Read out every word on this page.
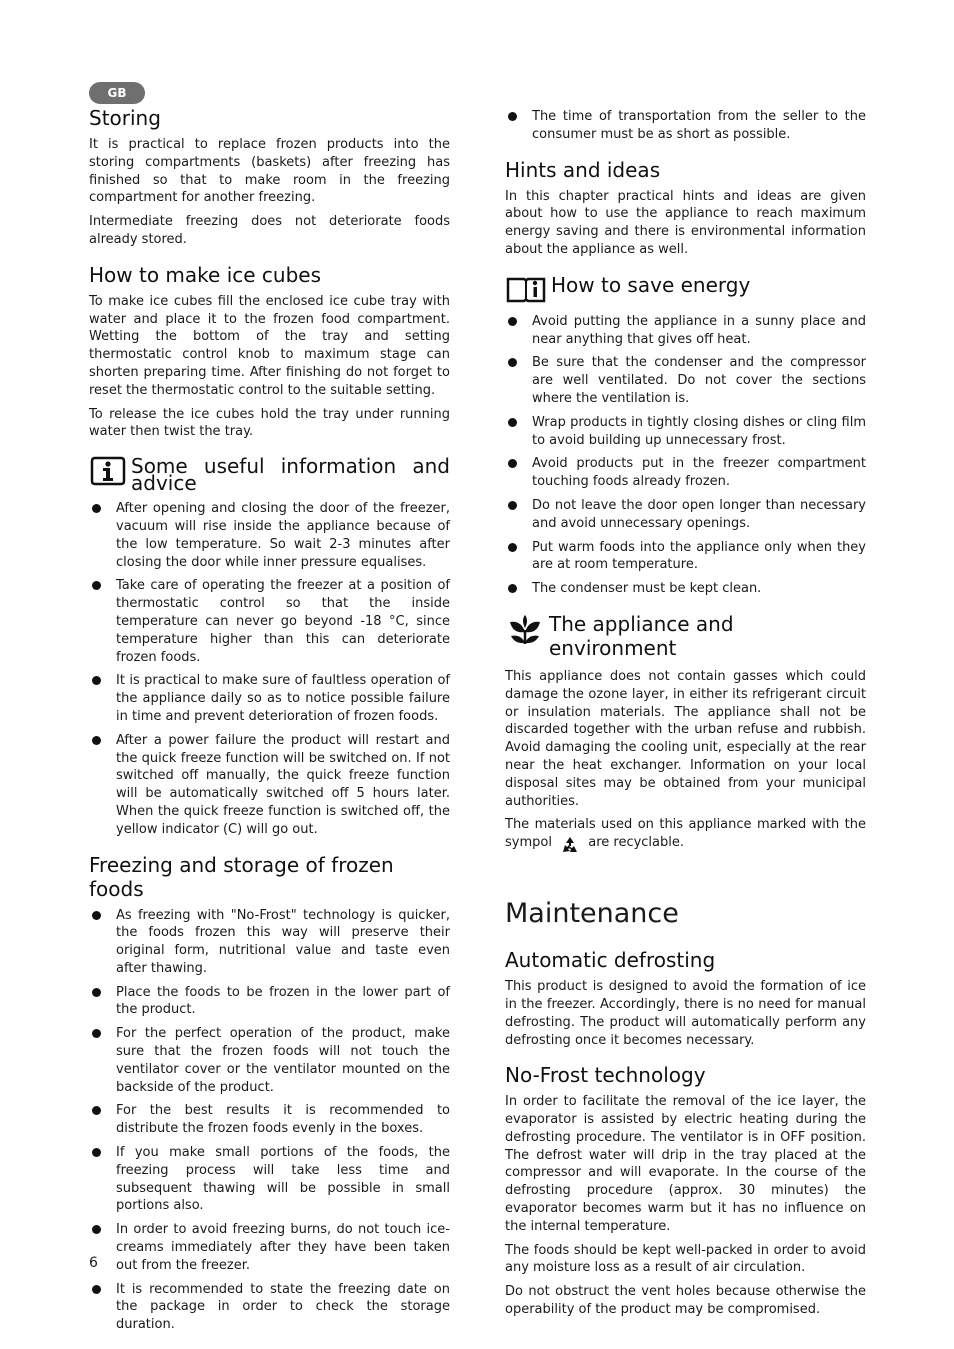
GB
Storing

It is practical to replace frozen products into the storing compartments (baskets) after freezing has finished so that to make room in the freezing compartment for another freezing.

Intermediate freezing does not deteriorate foods already stored.

How to make ice cubes

To make ice cubes fill the enclosed ice cube tray with water and place it to the frozen food compartment. Wetting the bottom of the tray and setting thermostatic control knob to maximum stage can shorten preparing time. After finishing do not forget to reset the thermostatic control to the suitable setting.

To release the ice cubes hold the tray under running water then twist the tray.

Some useful information and advice
After opening and closing the door of the freezer, vacuum will rise inside the appliance because of the low temperature. So wait 2-3 minutes after closing the door while inner pressure equalises.
Take care of operating the freezer at a position of thermostatic control so that the inside temperature can never go beyond -18 °C, since temperature higher than this can deteriorate frozen foods.
It is practical to make sure of faultless operation of the appliance daily so as to notice possible failure in time and prevent deterioration of frozen foods.
After a power failure the product will restart and the quick freeze function will be switched on. If not switched off manually, the quick freeze function will be automatically switched off 5 hours later. When the quick freeze function is switched off, the yellow indicator (C) will go out.
Freezing and storage of frozen foods
As freezing with "No-Frost" technology is quicker, the foods frozen this way will preserve their original form, nutritional value and taste even after thawing.
Place the foods to be frozen in the lower part of the product.
For the perfect operation of the product, make sure that the frozen foods will not touch the ventilator cover or the ventilator mounted on the backside of the product.
For the best results it is recommended to distribute the frozen foods evenly in the boxes.
If you make small portions of the foods, the freezing process will take less time and subsequent thawing will be possible in small portions also.
In order to avoid freezing burns, do not touch ice-creams immediately after they have been taken out from the freezer.
It is recommended to state the freezing date on the package in order to check the storage duration.
The time of transportation from the seller to the consumer must be as short as possible.
Hints and ideas

In this chapter practical hints and ideas are given about how to use the appliance to reach maximum energy saving and there is environmental information about the appliance as well.

How to save energy
Avoid putting the appliance in a sunny place and near anything that gives off heat.
Be sure that the condenser and the compressor are well ventilated. Do not cover the sections where the ventilation is.
Wrap products in tightly closing dishes or cling film to avoid building up unnecessary frost.
Avoid products put in the freezer compartment touching foods already frozen.
Do not leave the door open longer than necessary and avoid unnecessary openings.
Put warm foods into the appliance only when they are at room temperature.
The condenser must be kept clean.
The appliance and environment

This appliance does not contain gasses which could damage the ozone layer, in either its refrigerant circuit or insulation materials. The appliance shall not be discarded together with the urban refuse and rubbish. Avoid damaging the cooling unit, especially at the rear near the heat exchanger. Information on your local disposal sites may be obtained from your municipal authorities.

The materials used on this appliance marked with the sympol	are recyclable.

Maintenance
Automatic defrosting

This product is designed to avoid the formation of ice in the freezer. Accordingly, there is no need for manual defrosting. The product will automatically perform any defrosting once it becomes necessary.

No-Frost technology

In order to facilitate the removal of the ice layer, the evaporator is assisted by electric heating during the defrosting procedure. The ventilator is in OFF position. The defrost water will drip in the tray placed at the compressor and will evaporate. In the course of the defrosting procedure (approx. 30 minutes) the evaporator becomes warm but it has no influence on the internal temperature.

The foods should be kept well-packed in order to avoid any moisture loss as a result of air circulation.

Do not obstruct the vent holes because otherwise the operability of the product may be compromised.

6
